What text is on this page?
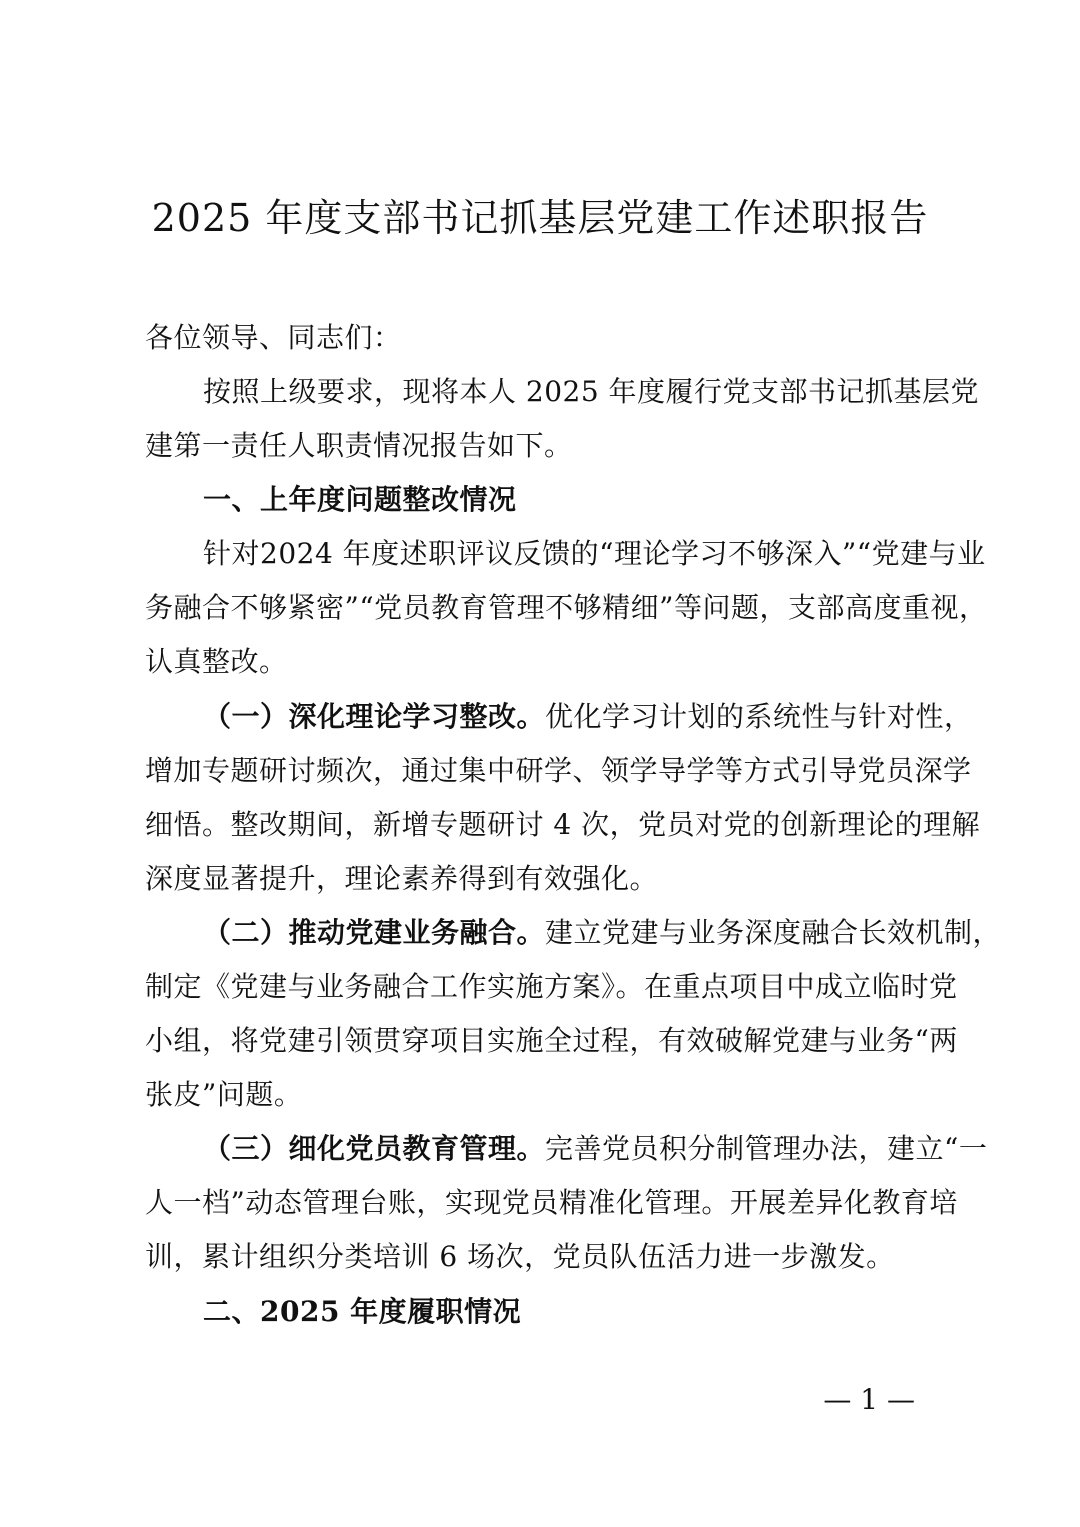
2025 年度支部书记抓基层党建工作述职报告
各位领导、同志们：
按照上级要求，现将本人 2025 年度履行党支部书记抓基层党
建第一责任人职责情况报告如下。
一、上年度问题整改情况
针对2024 年度述职评议反馈的“理论学习不够深入”“党建与业
务融合不够紧密”“党员教育管理不够精细”等问题，支部高度重视，
认真整改。
（一）深化理论学习整改。优化学习计划的系统性与针对性，
增加专题研讨频次，通过集中研学、领学导学等方式引导党员深学
细悟。整改期间，新增专题研讨 4 次，党员对党的创新理论的理解
深度显著提升，理论素养得到有效强化。
（二）推动党建业务融合。建立党建与业务深度融合长效机制，
制定《党建与业务融合工作实施方案》。在重点项目中成立临时党
小组，将党建引领贯穿项目实施全过程，有效破解党建与业务“两
张皮”问题。
（三）细化党员教育管理。完善党员积分制管理办法，建立“一
人一档”动态管理台账，实现党员精准化管理。开展差异化教育培
训，累计组织分类培训 6 场次，党员队伍活力进一步激发。
二、2025 年度履职情况
— 1 —
